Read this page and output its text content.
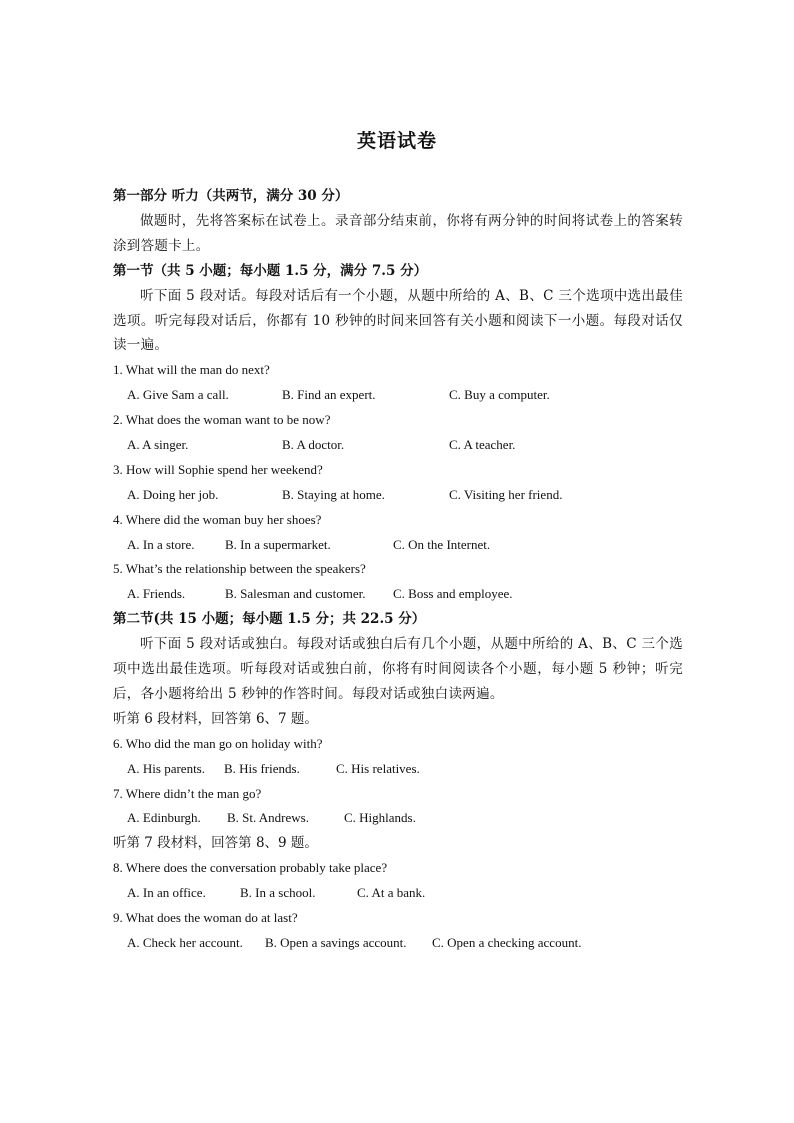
英语试卷
第一部分 听力（共两节，满分 30 分）
做题时，先将答案标在试卷上。录音部分结束前，你将有两分钟的时间将试卷上的答案转涂到答题卡上。
第一节（共 5 小题；每小题 1.5 分，满分 7.5 分）
听下面 5 段对话。每段对话后有一个小题，从题中所给的 A、B、C 三个选项中选出最佳选项。听完每段对话后，你都有 10 秒钟的时间来回答有关小题和阅读下一小题。每段对话仅读一遍。
1. What will the man do next?
A. Give Sam a call.	B. Find an expert.	C. Buy a computer.
2. What does the woman want to be now?
A. A singer.	B. A doctor.	C. A teacher.
3. How will Sophie spend her weekend?
A. Doing her job.	B. Staying at home.	C. Visiting her friend.
4. Where did the woman buy her shoes?
A. In a store. B. In a supermarket.	C. On the Internet.
5. What’s the relationship between the speakers?
A. Friends.	B. Salesman and customer. C. Boss and employee.
第二节(共 15 小题；每小题 1.5 分；共 22.5 分）
听下面 5 段对话或独白。每段对话或独白后有几个小题，从题中所给的 A、B、C 三个选项中选出最佳选项。听每段对话或独白前，你将有时间阅读各个小题，每小题 5 秒钟；听完后，各小题将给出 5 秒钟的作答时间。每段对话或独白读两遍。
听第 6 段材料，回答第 6、7 题。
6. Who did the man go on holiday with?
A. His parents. B. His friends.	C. His relatives.
7. Where didn’t the man go?
A. Edinburgh. B. St. Andrews.	C. Highlands.
听第 7 段材料，回答第 8、9 题。
8. Where does the conversation probably take place?
A. In an office.	B. In a school.	C. At a bank.
9. What does the woman do at last?
A. Check her account. B. Open a savings account. C. Open a checking account.
